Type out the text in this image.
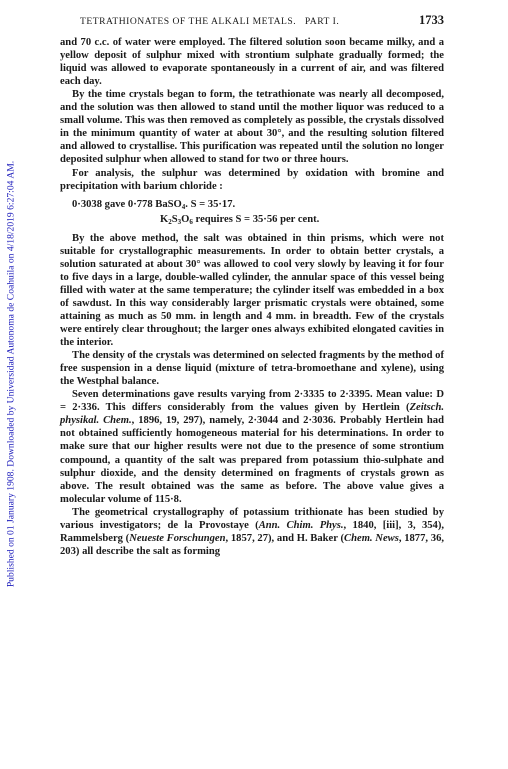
Published on 01 January 1908. Downloaded by Universidad Autonoma de Coahuila on 4/18/2019 6:27:04 AM.
TETRATHIONATES OF THE ALKALI METALS. PART I.	1733

and 70 c.c. of water were employed. The filtered solution soon became milky, and a yellow deposit of sulphur mixed with strontium sulphate gradually formed; the liquid was allowed to evaporate spontaneously in a current of air, and was filtered each day.

By the time crystals began to form, the tetrathionate was nearly all decomposed, and the solution was then allowed to stand until the mother liquor was reduced to a small volume. This was then removed as completely as possible, the crystals dissolved in the minimum quantity of water at about 30°, and the resulting solution filtered and allowed to crystallise. This purification was repeated until the solution no longer deposited sulphur when allowed to stand for two or three hours.

For analysis, the sulphur was determined by oxidation with bromine and precipitation with barium chloride :

0·3038 gave 0·778 BaSO$_4$. S = 35·17.
$K_2S_3O_6$ requires S = 35·56 per cent.

By the above method, the salt was obtained in thin prisms, which were not suitable for crystallographic measurements. In order to obtain better crystals, a solution saturated at about 30° was allowed to cool very slowly by leaving it for four to five days in a large, double-walled cylinder, the annular space of this vessel being filled with water at the same temperature; the cylinder itself was embedded in a box of sawdust. In this way considerably larger prismatic crystals were obtained, some attaining as much as 50 mm. in length and 4 mm. in breadth. Few of the crystals were entirely clear throughout; the larger ones always exhibited elongated cavities in the interior.

The density of the crystals was determined on selected fragments by the method of free suspension in a dense liquid (mixture of tetra-bromoethane and xylene), using the Westphal balance.

Seven determinations gave results varying from 2·3335 to 2·3395. Mean value: D = 2·336. This differs considerably from the values given by Hertlein (Zeitsch. physikal. Chem., 1896, 19, 297), namely, 2·3044 and 2·3036. Probably Hertlein had not obtained sufficiently homogeneous material for his determinations. In order to make sure that our higher results were not due to the presence of some strontium compound, a quantity of the salt was prepared from potassium thio-sulphate and sulphur dioxide, and the density determined on fragments of crystals grown as above. The result obtained was the same as before. The above value gives a molecular volume of 115·8.

The geometrical crystallography of potassium trithionate has been studied by various investigators; de la Provostaye (Ann. Chim. Phys., 1840, [iii], 3, 354), Rammelsberg (Neueste Forschungen, 1857, 27), and H. Baker (Chem. News, 1877, 36, 203) all describe the salt as forming
